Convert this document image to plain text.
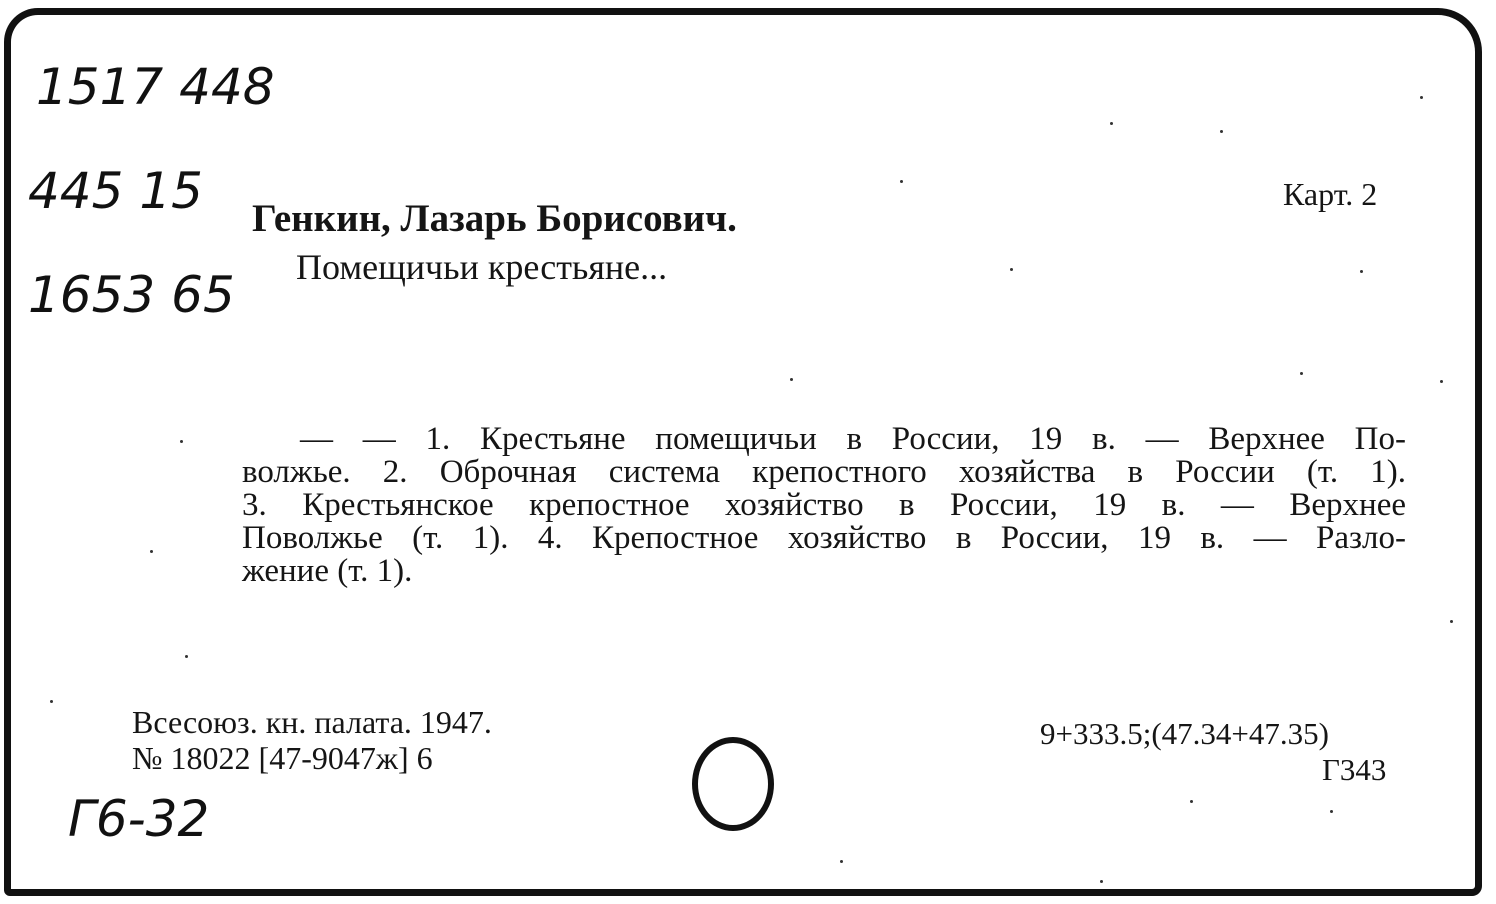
1517 448
445 15
1653 65
Г6-32
Карт. 2
Генкин, Лазарь Борисович.
Помещичьи крестьяне...
— — 1. Крестьяне помещичьи в России, 19 в. — Верхнее По-
волжье. 2. Оброчная система крепостного хозяйства в России (т. 1).
3. Крестьянское крепостное хозяйство в России, 19 в. — Верхнее
Поволжье (т. 1). 4. Крепостное хозяйство в России, 19 в. — Разло-
жение (т. 1).
Всесоюз. кн. палата. 1947.
№ 18022 [47-9047ж] 6
9+333.5;(47.34+47.35)
Г343
